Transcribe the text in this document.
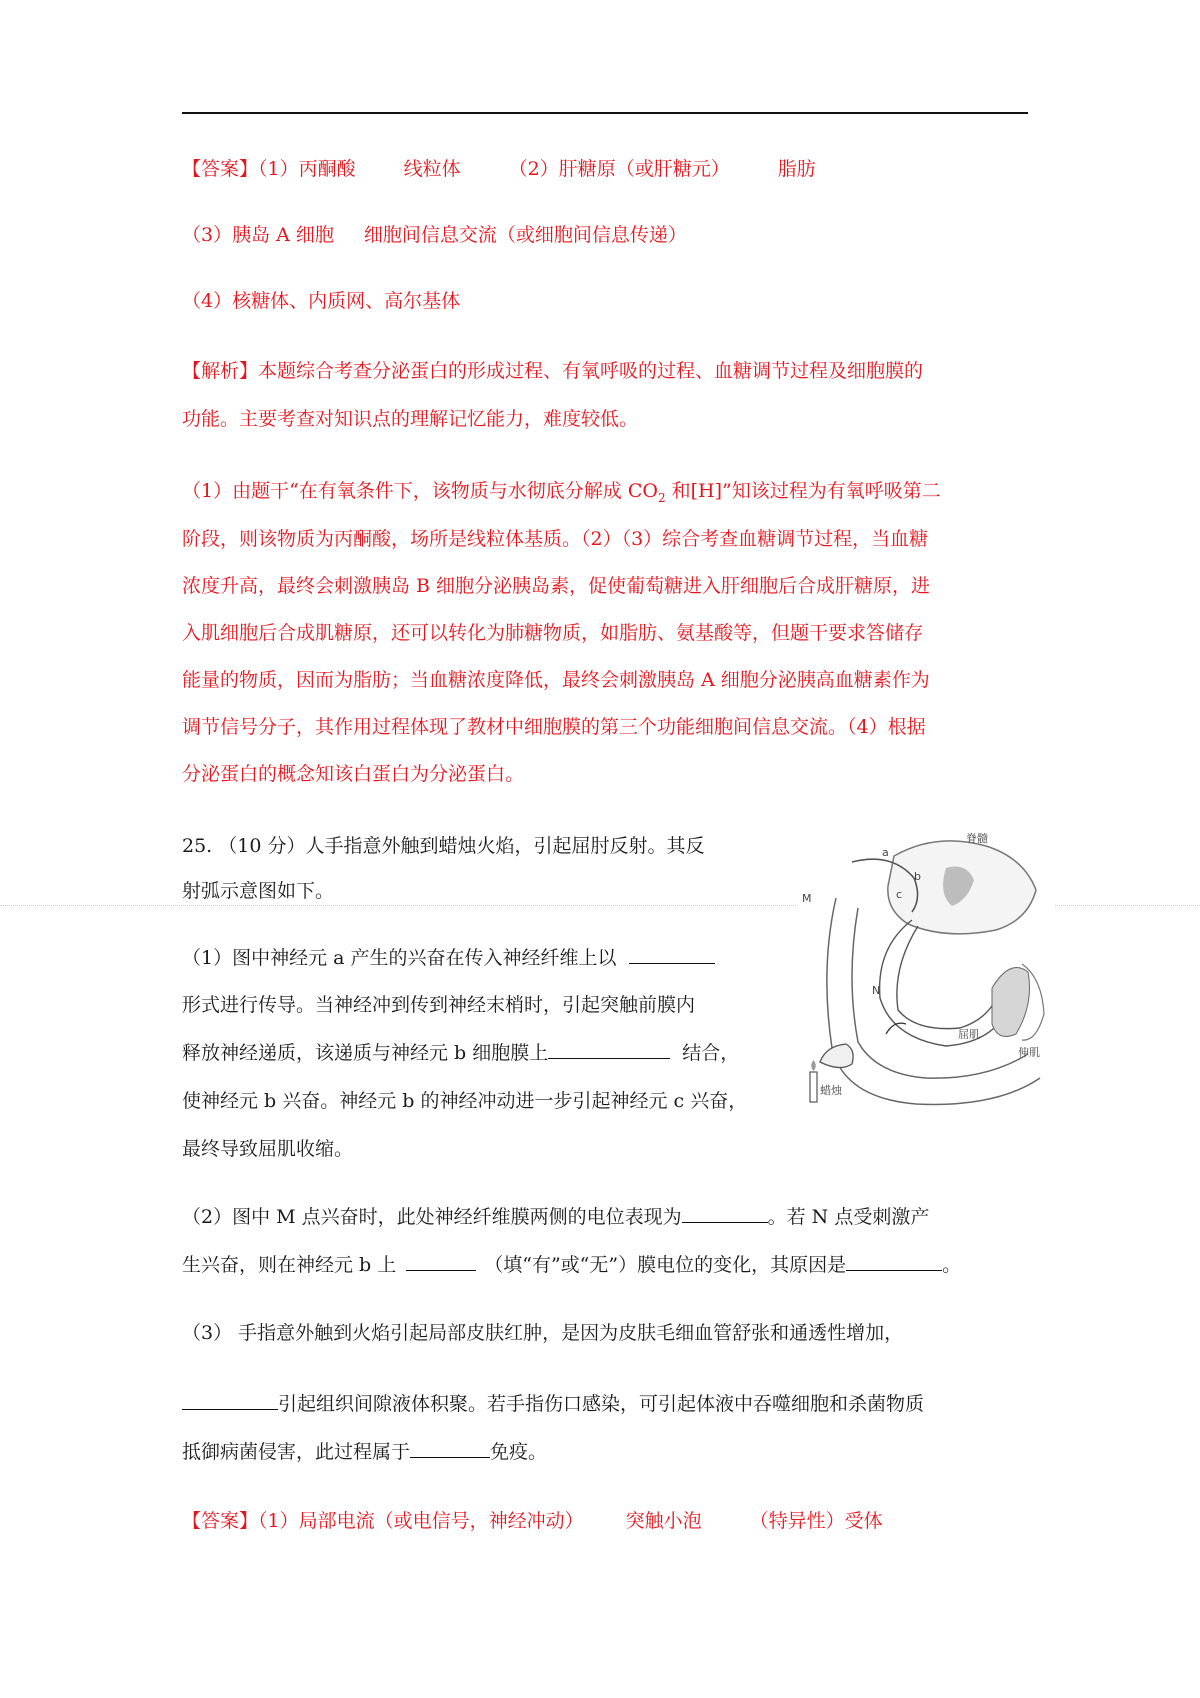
【答案】（1）丙酮酸	线粒体	（2）肝糖原（或肝糖元）	脂肪
（3）胰岛 A 细胞 细胞间信息交流（或细胞间信息传递）
（4）核糖体、内质网、高尔基体
【解析】本题综合考查分泌蛋白的形成过程、有氧呼吸的过程、血糖调节过程及细胞膜的
功能。主要考查对知识点的理解记忆能力，难度较低。
（1）由题干“在有氧条件下，该物质与水彻底分解成 $CO_2$ 和[H]”知该过程为有氧呼吸第二
阶段，则该物质为丙酮酸，场所是线粒体基质。（2）（3）综合考查血糖调节过程，当血糖
浓度升高，最终会刺激胰岛 B 细胞分泌胰岛素，促使葡萄糖进入肝细胞后合成肝糖原，进
入肌细胞后合成肌糖原，还可以转化为肺糖物质，如脂肪、氨基酸等，但题干要求答储存
能量的物质，因而为脂肪；当血糖浓度降低，最终会刺激胰岛 A 细胞分泌胰高血糖素作为
调节信号分子，其作用过程体现了教材中细胞膜的第三个功能细胞间信息交流。（4）根据
分泌蛋白的概念知该白蛋白为分泌蛋白。
25. （10 分）人手指意外触到蜡烛火焰，引起屈肘反射。其反
射弧示意图如下。
（1）图中神经元 a 产生的兴奋在传入神经纤维上以
形式进行传导。当神经冲到传到神经末梢时，引起突触前膜内
释放神经递质，该递质与神经元 b 细胞膜上	结合，
使神经元 b 兴奋。神经元 b 的神经冲动进一步引起神经元 c 兴奋，
最终导致屈肌收缩。
（2）图中 M 点兴奋时，此处神经纤维膜两侧的电位表现为	。若 N 点受刺激产
生兴奋，则在神经元 b 上	（填“有”或“无”）膜电位的变化，其原因是	。
（3） 手指意外触到火焰引起局部皮肤红肿，是因为皮肤毛细血管舒张和通透性增加，
引起组织间隙液体积聚。若手指伤口感染，可引起体液中吞噬细胞和杀菌物质
抵御病菌侵害，此过程属于	免疫。
【答案】（1）局部电流（或电信号，神经冲动） 突触小泡	（特异性）受体
脊髓
a
b
c
M
N
屈肌
伸肌
蜡烛
